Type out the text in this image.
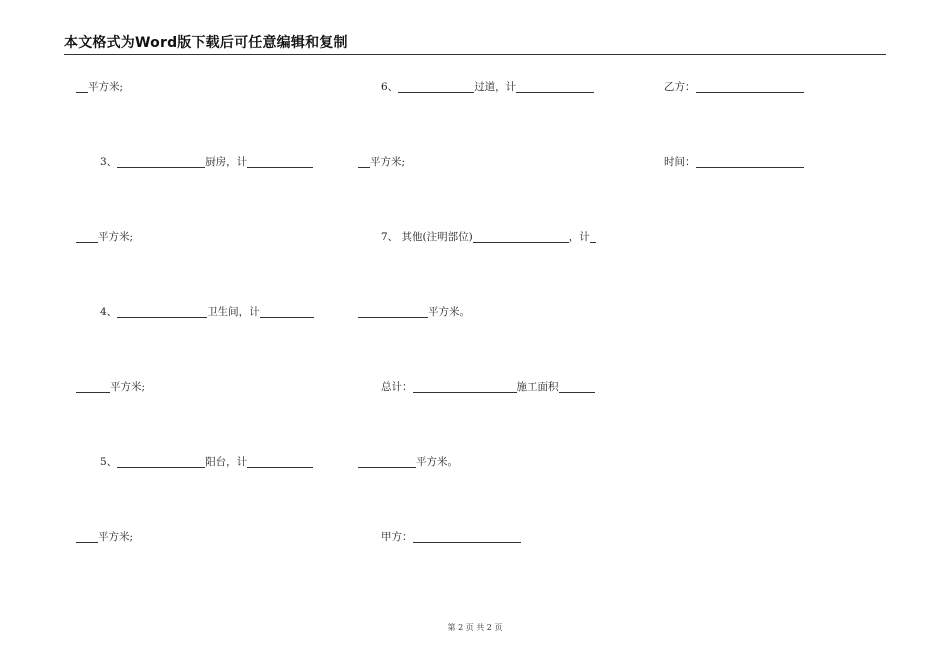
本文格式为Word版下载后可任意编辑和复制
平方米;	6、	过道，计	乙方：
3、	厨房，计	平方米;	时间：
平方米;	7、 其他(注明部位)	，计
4、	卫生间，计	平方米。
平方米;	总计：	施工面积
5、	阳台，计	平方米。
平方米;	甲方：
第 2 页 共 2 页
